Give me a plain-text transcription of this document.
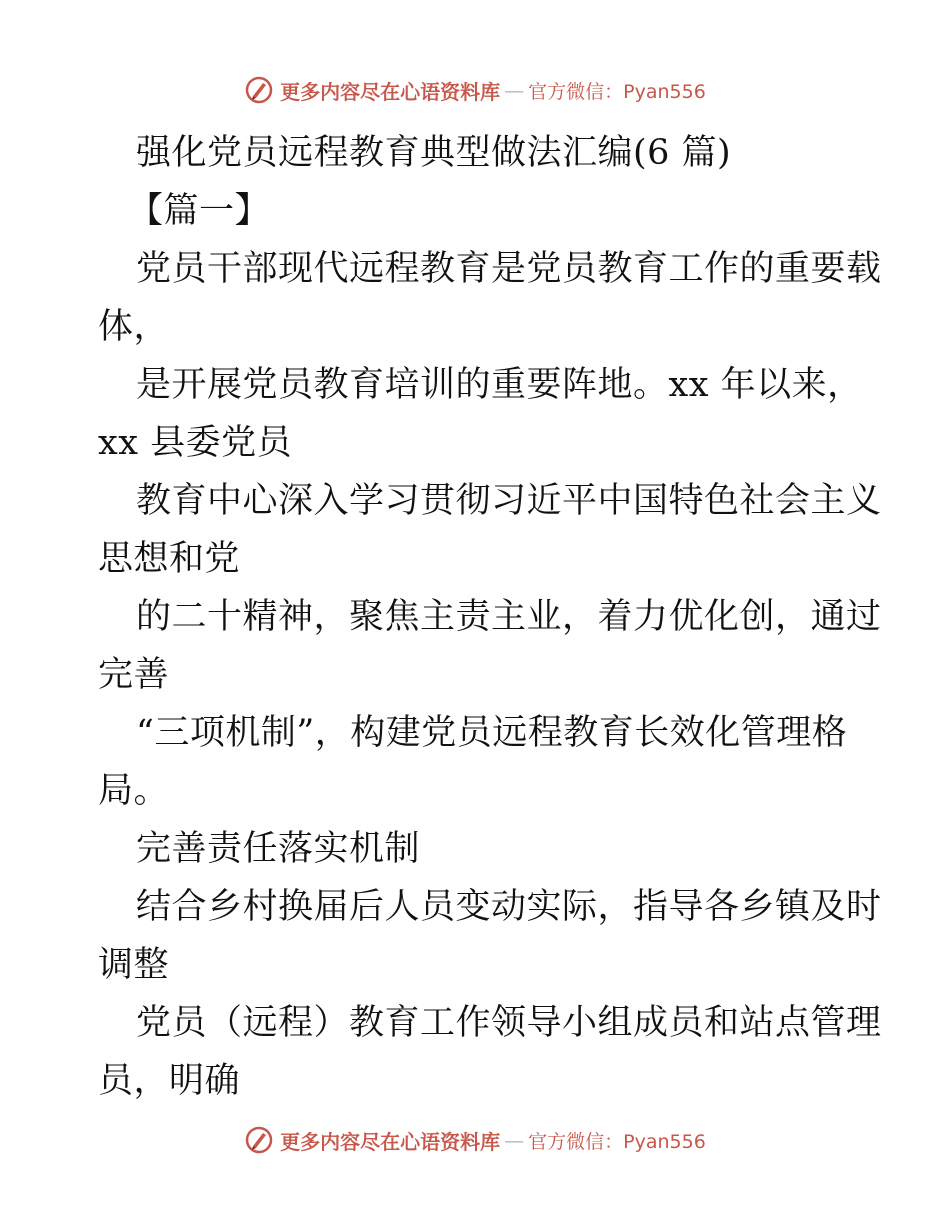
更多内容尽在心语资料库 — 官方微信：Pyan556
强化党员远程教育典型做法汇编(6 篇)
【篇一】
党员干部现代远程教育是党员教育工作的重要载
体，
是开展党员教育培训的重要阵地。xx 年以来，
xx 县委党员
教育中心深入学习贯彻习近平中国特色社会主义
思想和党
的二十精神，聚焦主责主业，着力优化创，通过
完善
“三项机制”，构建党员远程教育长效化管理格
局。
完善责任落实机制
结合乡村换届后人员变动实际，指导各乡镇及时
调整
党员（远程）教育工作领导小组成员和站点管理
员，明确
更多内容尽在心语资料库 — 官方微信：Pyan556
